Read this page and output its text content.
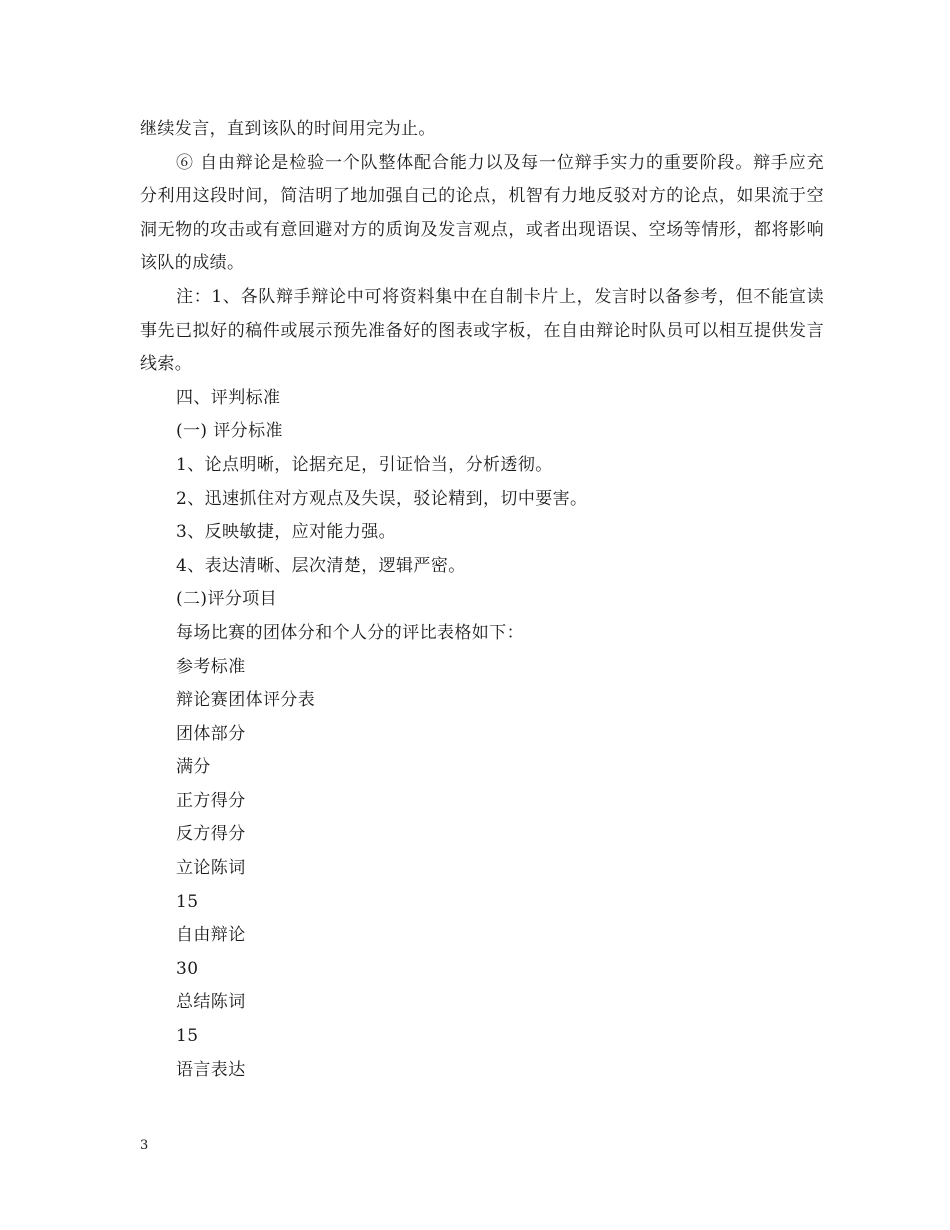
继续发言，直到该队的时间用完为止。

⑥ 自由辩论是检验一个队整体配合能力以及每一位辩手实力的重要阶段。辩手应充分利用这段时间，简洁明了地加强自己的论点，机智有力地反驳对方的论点，如果流于空洞无物的攻击或有意回避对方的质询及发言观点，或者出现语误、空场等情形，都将影响该队的成绩。

注：1、各队辩手辩论中可将资料集中在自制卡片上，发言时以备参考，但不能宣读事先已拟好的稿件或展示预先准备好的图表或字板，在自由辩论时队员可以相互提供发言线索。

四、评判标准

(一) 评分标准

1、论点明晰，论据充足，引证恰当，分析透彻。

2、迅速抓住对方观点及失误，驳论精到，切中要害。

3、反映敏捷，应对能力强。

4、表达清晰、层次清楚，逻辑严密。

(二)评分项目

每场比赛的团体分和个人分的评比表格如下：

参考标准

辩论赛团体评分表

团体部分

满分

正方得分

反方得分

立论陈词

15

自由辩论

30

总结陈词

15

语言表达

3
